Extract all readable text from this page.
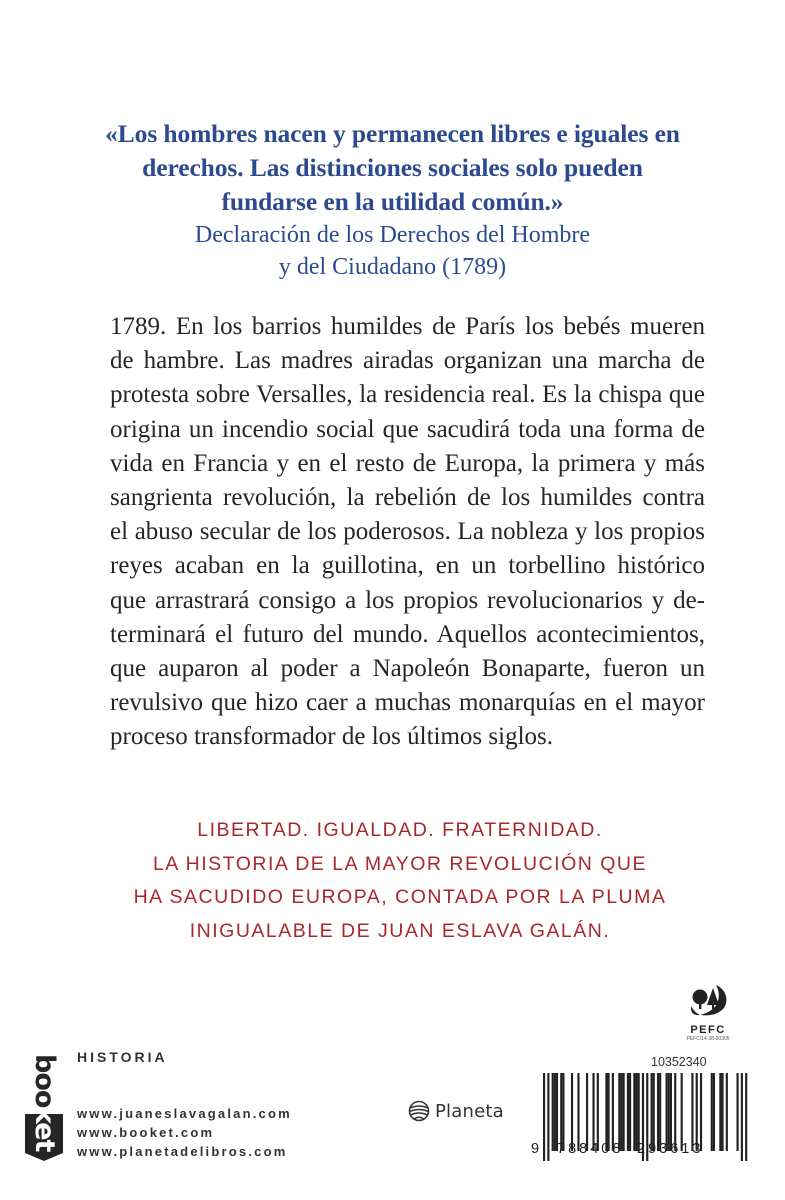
«Los hombres nacen y permanecen libres e iguales en
derechos. Las distinciones sociales solo pueden
fundarse en la utilidad común.»
Declaración de los Derechos del Hombre
y del Ciudadano (1789)
1789. En los barrios humildes de París los bebés mueren
de hambre. Las madres airadas organizan una marcha de
protesta sobre Versalles, la residencia real. Es la chispa que
origina un incendio social que sacudirá toda una forma de
vida en Francia y en el resto de Europa, la primera y más
sangrienta revolución, la rebelión de los humildes contra
el abuso secular de los poderosos. La nobleza y los propios
reyes acaban en la guillotina, en un torbellino histórico
que arrastrará consigo a los propios revolucionarios y de-
terminará el futuro del mundo. Aquellos acontecimientos,
que auparon al poder a Napoleón Bonaparte, fueron un
revulsivo que hizo caer a muchas monarquías en el mayor
proceso transformador de los últimos siglos.
LIBERTAD. IGUALDAD. FRATERNIDAD.
LA HISTORIA DE LA MAYOR REVOLUCIÓN QUE
HA SACUDIDO EUROPA, CONTADA POR LA PLUMA
INIGUALABLE DE JUAN ESLAVA GALÁN.
boo
ket
HISTORIA
www.juaneslavagalan.com
www.booket.com
www.planetadelibros.com
Planeta
PEFC
PEFC/14-38-00305
10352340
9 788408 293613
